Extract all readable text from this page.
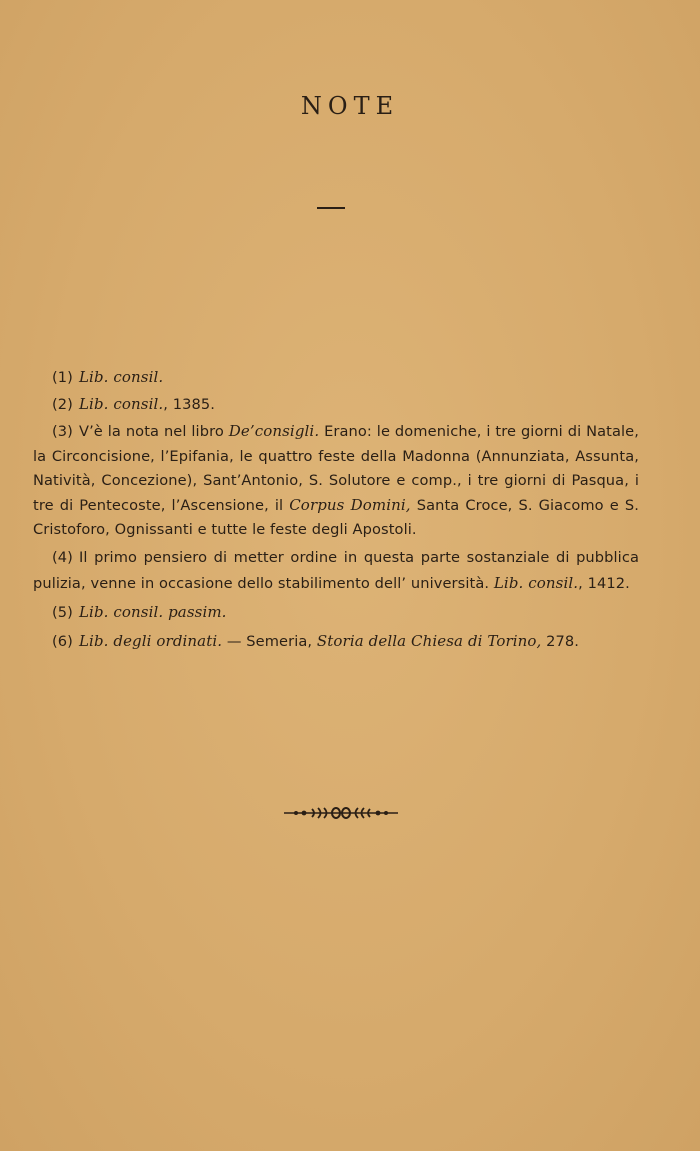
NOTE

(1) Lib. consil.

(2) Lib. consil., 1385.

(3) V’è la nota nel libro De’consigli. Erano: le domeniche, i tre giorni di Natale, la Circoncisione, l’Epifania, le quattro feste della Madonna (Annunziata, Assunta, Natività, Concezione), Sant’Antonio, S. Solutore e comp., i tre giorni di Pasqua, i tre di Pentecoste, l’Ascensione, il Corpus Domini, Santa Croce, S. Giacomo e S. Cristoforo, Ognissanti e tutte le feste degli Apostoli.

(4) Il primo pensiero di metter ordine in questa parte sostanziale di pubblica pulizia, venne in occasione dello stabilimento dell’ università. Lib. consil., 1412.

(5) Lib. consil. passim.

(6) Lib. degli ordinati. — Semeria, Storia della Chiesa di Torino, 278.
